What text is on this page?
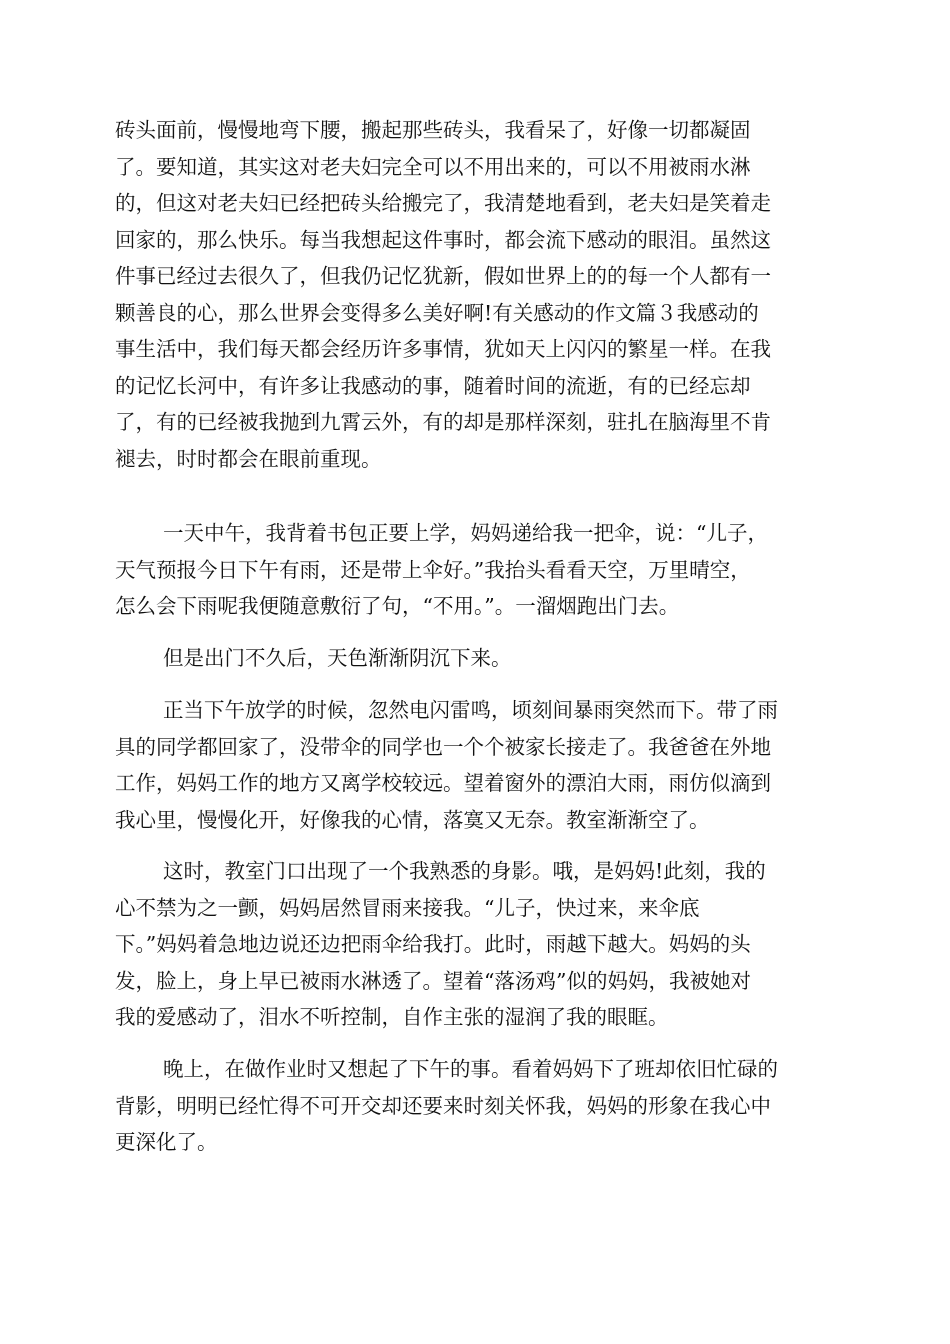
砖头面前，慢慢地弯下腰，搬起那些砖头，我看呆了，好像一切都凝固
了。要知道，其实这对老夫妇完全可以不用出来的，可以不用被雨水淋
的，但这对老夫妇已经把砖头给搬完了，我清楚地看到，老夫妇是笑着走
回家的，那么快乐。每当我想起这件事时，都会流下感动的眼泪。虽然这
件事已经过去很久了，但我仍记忆犹新，假如世界上的的每一个人都有一
颗善良的心，那么世界会变得多么美好啊!有关感动的作文篇３我感动的
事生活中，我们每天都会经历许多事情，犹如天上闪闪的繁星一样。在我
的记忆长河中，有许多让我感动的事，随着时间的流逝，有的已经忘却
了，有的已经被我抛到九霄云外，有的却是那样深刻，驻扎在脑海里不肯
褪去，时时都会在眼前重现。
一天中午，我背着书包正要上学，妈妈递给我一把伞，说：“儿子，
天气预报今日下午有雨，还是带上伞好。”我抬头看看天空，万里晴空，
怎么会下雨呢我便随意敷衍了句，“不用。”。一溜烟跑出门去。
但是出门不久后，天色渐渐阴沉下来。
正当下午放学的时候，忽然电闪雷鸣，顷刻间暴雨突然而下。带了雨
具的同学都回家了，没带伞的同学也一个个被家长接走了。我爸爸在外地
工作，妈妈工作的地方又离学校较远。望着窗外的漂泊大雨，雨仿似滴到
我心里，慢慢化开，好像我的心情，落寞又无奈。教室渐渐空了。
这时，教室门口出现了一个我熟悉的身影。哦，是妈妈!此刻，我的
心不禁为之一颤，妈妈居然冒雨来接我。“儿子，快过来，来伞底
下。”妈妈着急地边说还边把雨伞给我打。此时，雨越下越大。妈妈的头
发，脸上，身上早已被雨水淋透了。望着“落汤鸡”似的妈妈，我被她对
我的爱感动了，泪水不听控制，自作主张的湿润了我的眼眶。
晚上，在做作业时又想起了下午的事。看着妈妈下了班却依旧忙碌的
背影，明明已经忙得不可开交却还要来时刻关怀我，妈妈的形象在我心中
更深化了。
